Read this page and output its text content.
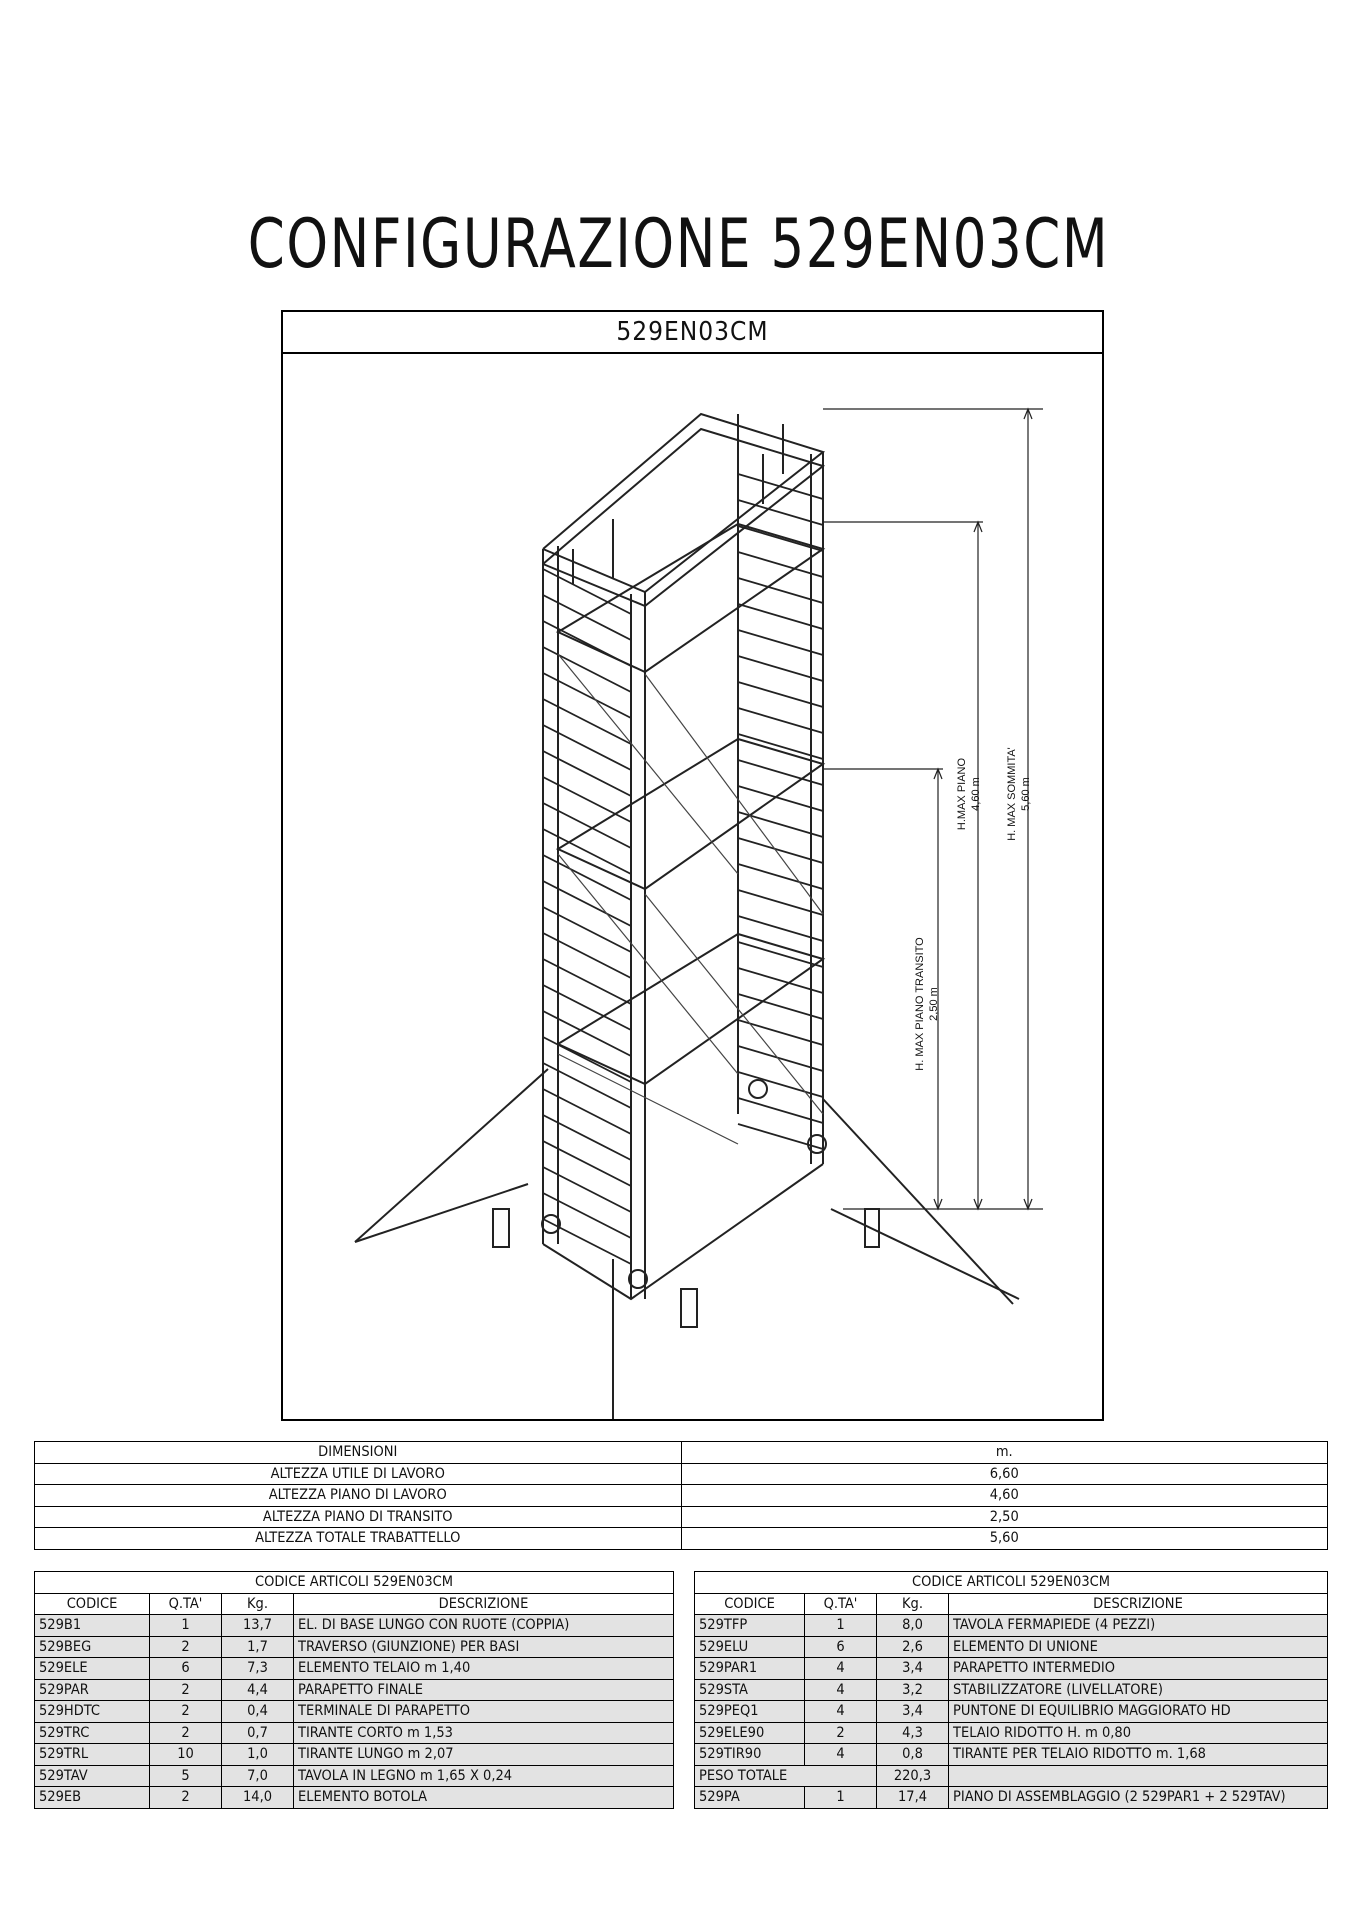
CONFIGURAZIONE 529EN03CM
529EN03CM
H.MAX PIANO 4,60 m H. MAX SOMMITA' 5,60 m
H. MAX PIANO TRANSITO 2,50 m
DIMENSIONI	m.
ALTEZZA UTILE DI LAVORO	6,60
ALTEZZA PIANO DI LAVORO	4,60
ALTEZZA PIANO DI TRANSITO	2,50
ALTEZZA TOTALE TRABATTELLO	5,60
CODICE ARTICOLI 529EN03CM			
CODICE	Q.TA'	Kg.	DESCRIZIONE
529B1	1	13,7	EL. DI BASE LUNGO CON RUOTE (COPPIA)
529BEG	2	1,7	TRAVERSO (GIUNZIONE) PER BASI
529ELE	6	7,3	ELEMENTO TELAIO m 1,40
529PAR	2	4,4	PARAPETTO FINALE
529HDTC	2	0,4	TERMINALE DI PARAPETTO
529TRC	2	0,7	TIRANTE CORTO m 1,53
529TRL	10	1,0	TIRANTE LUNGO m 2,07
529TAV	5	7,0	TAVOLA IN LEGNO m 1,65 X 0,24
529EB	2	14,0	ELEMENTO BOTOLA
CODICE ARTICOLI 529EN03CM			
CODICE	Q.TA'	Kg.	DESCRIZIONE
529TFP	1	8,0	TAVOLA FERMAPIEDE (4 PEZZI)
529ELU	6	2,6	ELEMENTO DI UNIONE
529PAR1	4	3,4	PARAPETTO INTERMEDIO
529STA	4	3,2	STABILIZZATORE (LIVELLATORE)
529PEQ1	4	3,4	PUNTONE DI EQUILIBRIO MAGGIORATO HD
529ELE90	2	4,3	TELAIO RIDOTTO H. m 0,80
529TIR90	4	0,8	TIRANTE PER TELAIO RIDOTTO m. 1,68
PESO TOTALE		220,3	
529PA	1	17,4	PIANO DI ASSEMBLAGGIO (2 529PAR1 + 2 529TAV)
